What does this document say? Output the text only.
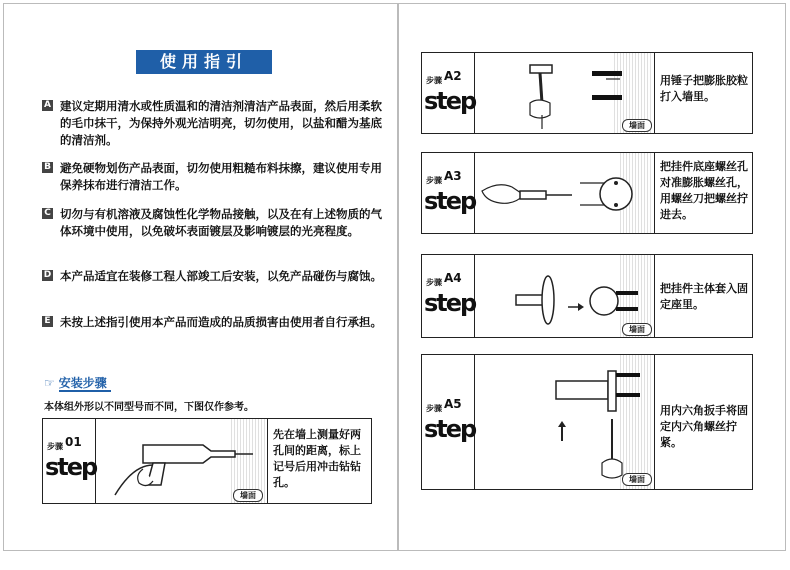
使用指引
A 建议定期用清水或性质温和的清洁剂清洁产品表面，然后用柔软的毛巾抹干，为保持外观光洁明亮，切勿使用，以盐和醋为基底的清洁剂。
B 避免硬物划伤产品表面，切勿使用粗糙布料抹擦，建议使用专用保养抹布进行清洁工作。
C 切勿与有机溶液及腐蚀性化学物品接触，以及在有上述物质的气体环境中使用，以免破坏表面镀层及影响镀层的光亮程度。
D 本产品适宜在装修工程人部竣工后安装，以免产品碰伤与腐蚀。
E 未按上述指引使用本产品而造成的品质损害由使用者自行承担。
☞ 安装步骤
本体组外形以不同型号而不同，下图仅作参考。
步骤 01
step
墙面
先在墙上测量好两孔间的距离，标上记号后用冲击钻钻孔。
步骤 A2
step
墙面
用锤子把膨胀胶粒打入墙里。
步骤 A3
step
把挂件底座螺丝孔对准膨胀螺丝孔，用螺丝刀把螺丝拧进去。
步骤 A4
step
墙面
把挂件主体套入固定座里。
步骤 A5
step
墙面
用内六角扳手将固定内六角螺丝拧紧。
